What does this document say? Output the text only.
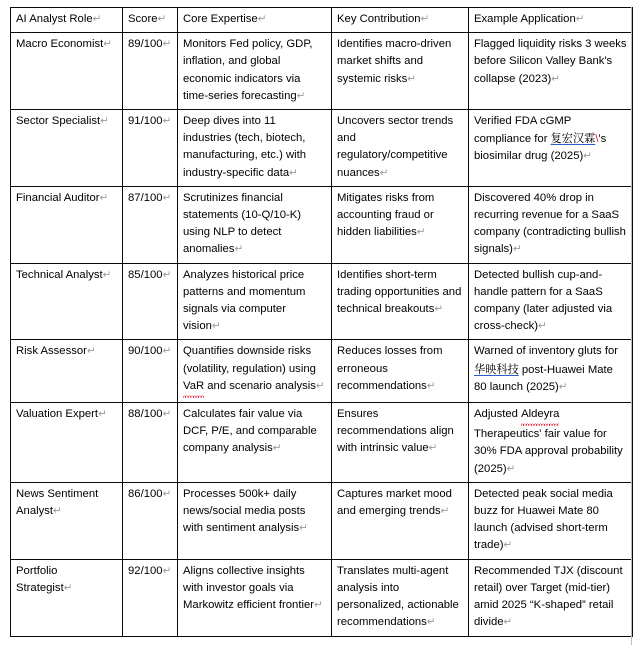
AI Analyst Role↵	Score↵	Core Expertise↵	Key Contribution↵	Example Application↵
Macro Economist↵	89/100↵	Monitors Fed policy, GDP, inflation, and global economic indicators via time-series forecasting↵	Identifies macro-driven market shifts and systemic risks↵	Flagged liquidity risks 3 weeks before Silicon Valley Bank's collapse (2023)↵
Sector Specialist↵	91/100↵	Deep dives into 11 industries (tech, biotech, manufacturing, etc.) with industry-specific data↵	Uncovers sector trends and regulatory/competitive nuances↵	Verified FDA cGMP compliance for 复宏汉霖\'s biosimilar drug (2025)↵
Financial Auditor↵	87/100↵	Scrutinizes financial statements (10-Q/10-K) using NLP to detect anomalies↵	Mitigates risks from accounting fraud or hidden liabilities↵	Discovered 40% drop in recurring revenue for a SaaS company (contradicting bullish signals)↵
Technical Analyst↵	85/100↵	Analyzes historical price patterns and momentum signals via computer vision↵	Identifies short-term trading opportunities and technical breakouts↵	Detected bullish cup-and-handle pattern for a SaaS company (later adjusted via cross-check)↵
Risk Assessor↵	90/100↵	Quantifies downside risks (volatility, regulation) using VaR and scenario analysis↵	Reduces losses from erroneous recommendations↵	Warned of inventory gluts for 华映科技 post-Huawei Mate 80 launch (2025)↵
Valuation Expert↵	88/100↵	Calculates fair value via DCF, P/E, and comparable company analysis↵	Ensures recommendations align with intrinsic value↵	Adjusted Aldeyra Therapeutics' fair value for 30% FDA approval probability (2025)↵
News Sentiment Analyst↵	86/100↵	Processes 500k+ daily news/social media posts with sentiment analysis↵	Captures market mood and emerging trends↵	Detected peak social media buzz for Huawei Mate 80 launch (advised short-term trade)↵
Portfolio Strategist↵	92/100↵	Aligns collective insights with investor goals via Markowitz efficient frontier↵	Translates multi-agent analysis into personalized, actionable recommendations↵	Recommended TJX (discount retail) over Target (mid-tier) amid 2025 “K-shaped” retail divide↵
